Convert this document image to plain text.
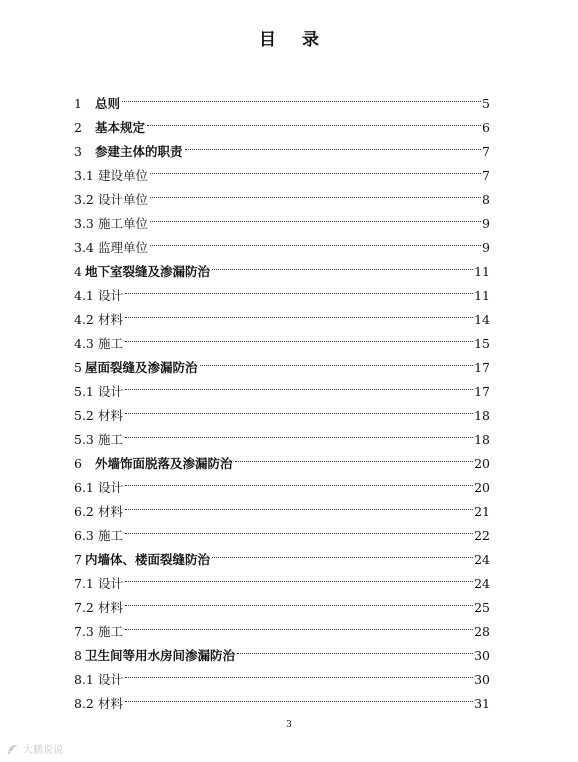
目 录
1	总则	5
2	基本规定	6
3	参建主体的职责	7
3.1 建设单位	7
3.2 设计单位	8
3.3 施工单位	9
3.4 监理单位	9
4 地下室裂缝及渗漏防治	11
4.1 设计	11
4.2 材料	14
4.3 施工	15
5 屋面裂缝及渗漏防治	17
5.1 设计	17
5.2 材料	18
5.3 施工	18
6	外墙饰面脱落及渗漏防治	20
6.1 设计	20
6.2 材料	21
6.3 施工	22
7 内墙体、楼面裂缝防治	24
7.1 设计	24
7.2 材料	25
7.3 施工	28
8 卫生间等用水房间渗漏防治	30
8.1 设计	30
8.2 材料	31
3
大鹏说说
